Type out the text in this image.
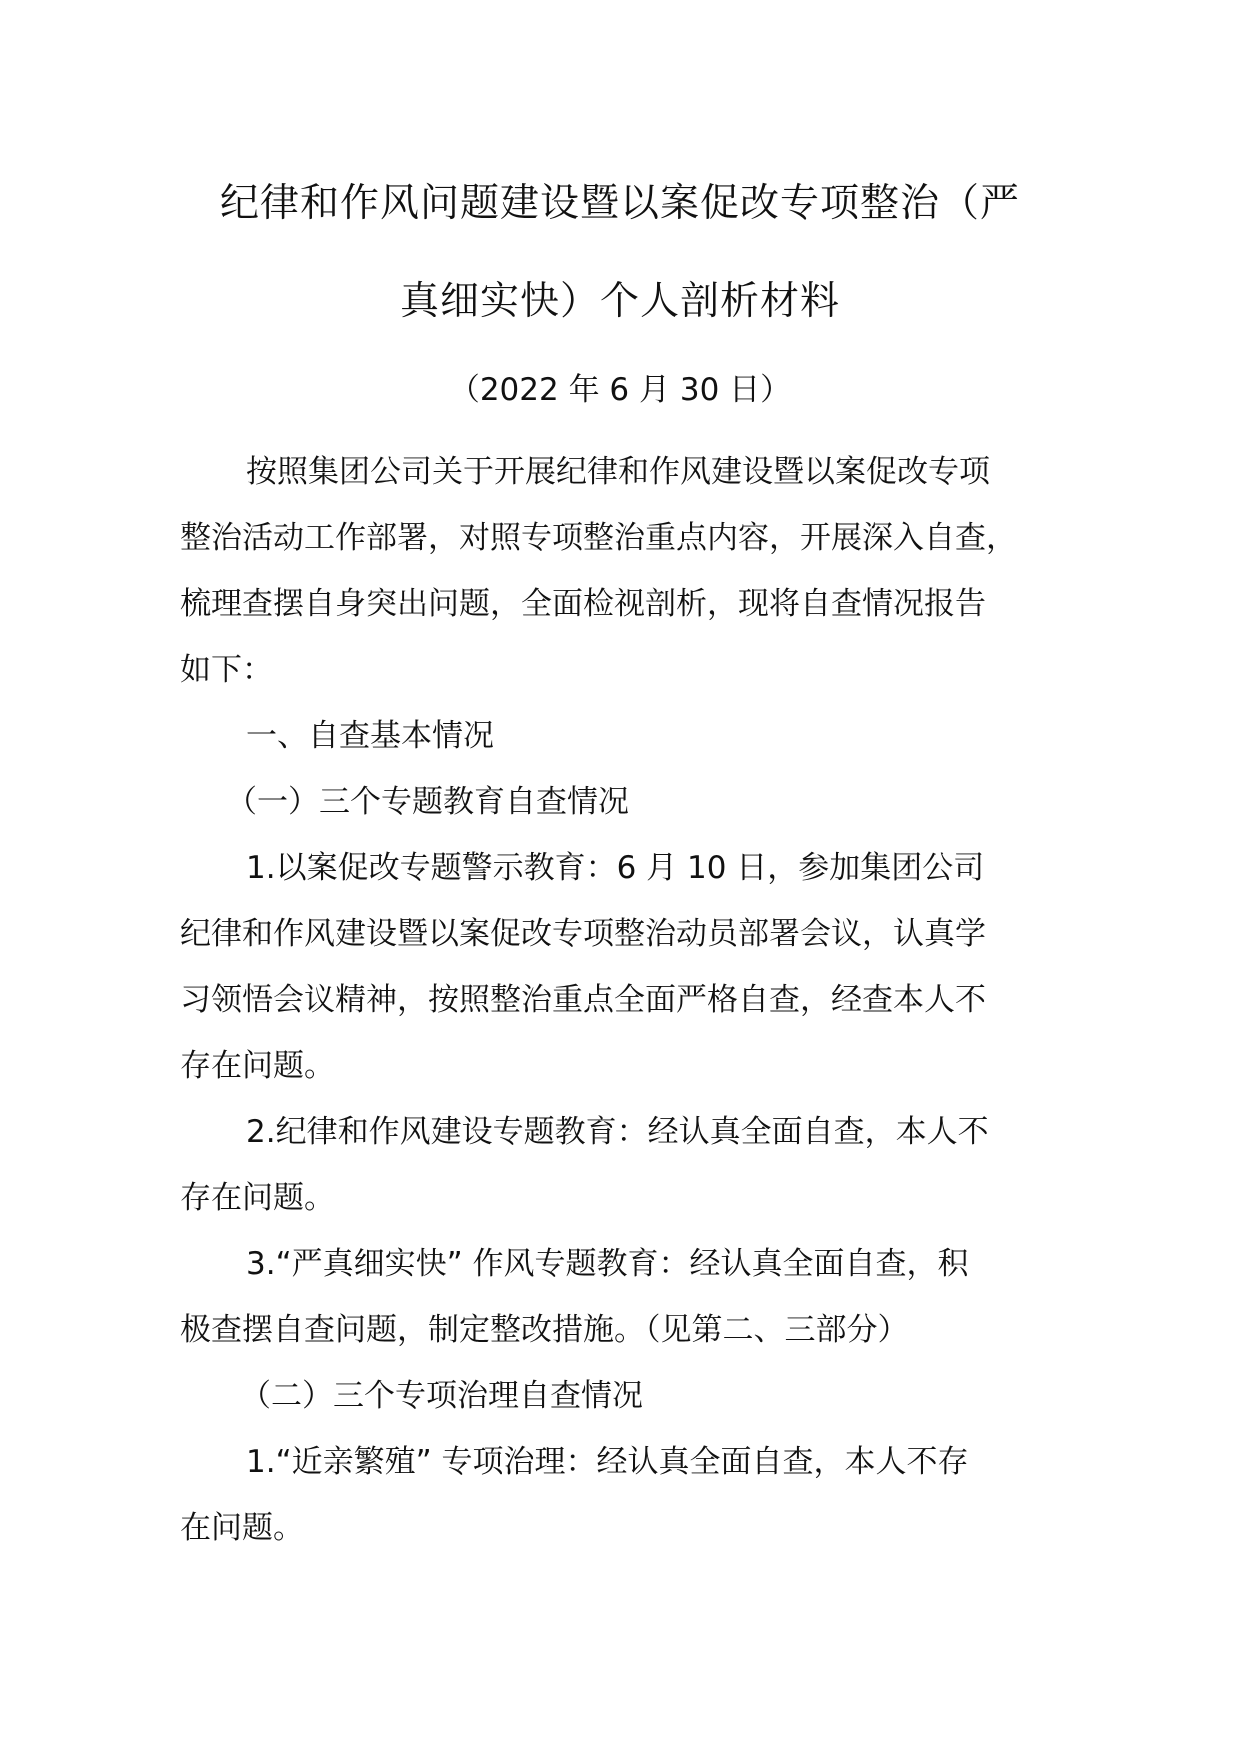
纪律和作风问题建设暨以案促改专项整治（严
真细实快）个人剖析材料
（2022 年 6 月 30 日）
按照集团公司关于开展纪律和作风建设暨以案促改专项
整治活动工作部署，对照专项整治重点内容，开展深入自查，
梳理查摆自身突出问题，全面检视剖析，现将自查情况报告
如下：
一、自查基本情况
（一）三个专题教育自查情况
1.以案促改专题警示教育：6 月 10 日，参加集团公司
纪律和作风建设暨以案促改专项整治动员部署会议，认真学
习领悟会议精神，按照整治重点全面严格自查，经查本人不
存在问题。
2.纪律和作风建设专题教育：经认真全面自查，本人不
存在问题。
3.“严真细实快” 作风专题教育：经认真全面自查，积
极查摆自查问题，制定整改措施。（见第二、三部分）
（二）三个专项治理自查情况
1.“近亲繁殖” 专项治理：经认真全面自查，本人不存
在问题。
